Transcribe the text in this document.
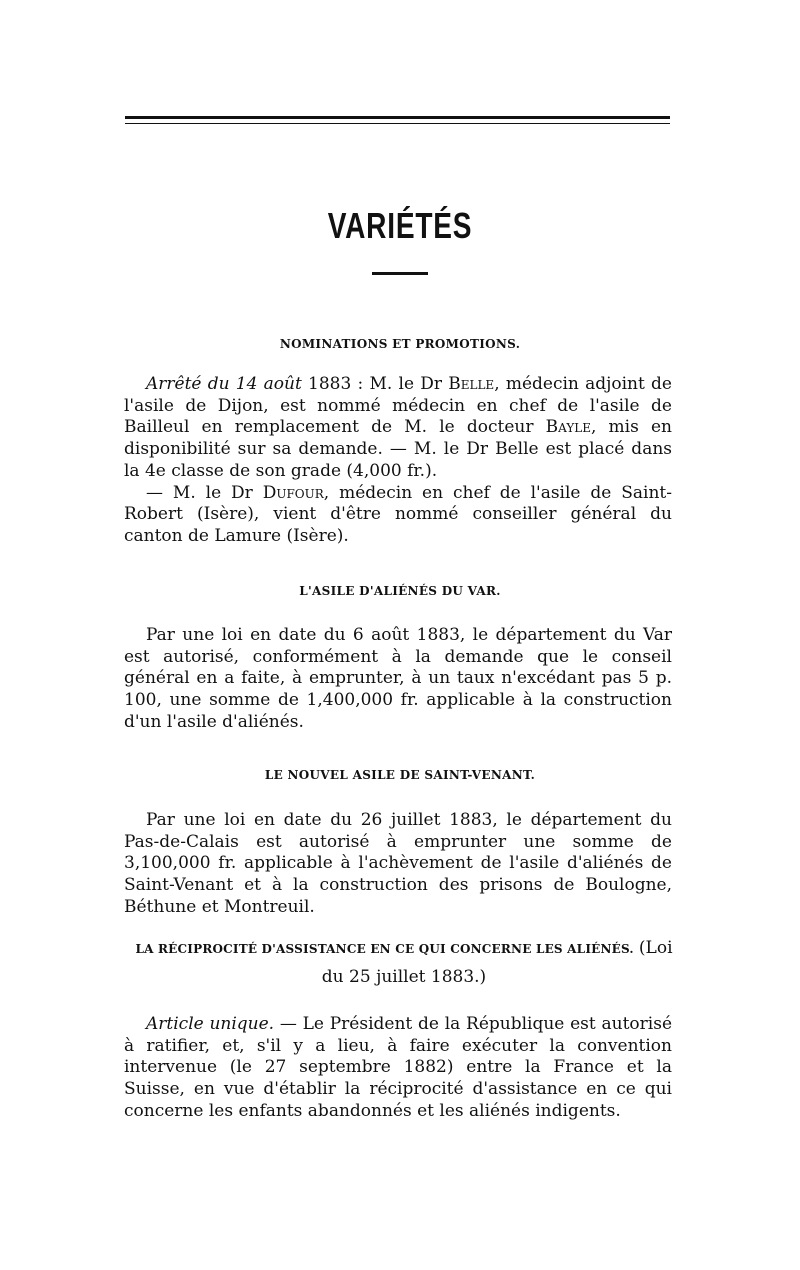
VARIÉTÉS
NOMINATIONS ET PROMOTIONS.

Arrêté du 14 août 1883 : M. le Dr Belle, médecin adjoint de l'asile de Dijon, est nommé médecin en chef de l'asile de Bailleul en remplacement de M. le docteur Bayle, mis en disponibilité sur sa demande. — M. le Dr Belle est placé dans la 4e classe de son grade (4,000 fr.).

— M. le Dr Dufour, médecin en chef de l'asile de Saint-Robert (Isère), vient d'être nommé conseiller général du canton de Lamure (Isère).

L'ASILE D'ALIÉNÉS DU VAR.

Par une loi en date du 6 août 1883, le département du Var est autorisé, conformément à la demande que le conseil général en a faite, à emprunter, à un taux n'excédant pas 5 p. 100, une somme de 1,400,000 fr. applicable à la construction d'un l'asile d'aliénés.

LE NOUVEL ASILE DE SAINT-VENANT.

Par une loi en date du 26 juillet 1883, le département du Pas-de-Calais est autorisé à emprunter une somme de 3,100,000 fr. applicable à l'achèvement de l'asile d'aliénés de Saint-Venant et à la construction des prisons de Boulogne, Béthune et Montreuil.

LA RÉCIPROCITÉ D'ASSISTANCE EN CE QUI CONCERNE LES ALIÉNÉS. (Loi du 25 juillet 1883.)

Article unique. — Le Président de la République est autorisé à ratifier, et, s'il y a lieu, à faire exécuter la convention intervenue (le 27 septembre 1882) entre la France et la Suisse, en vue d'établir la réciprocité d'assistance en ce qui concerne les enfants abandonnés et les aliénés indigents.
